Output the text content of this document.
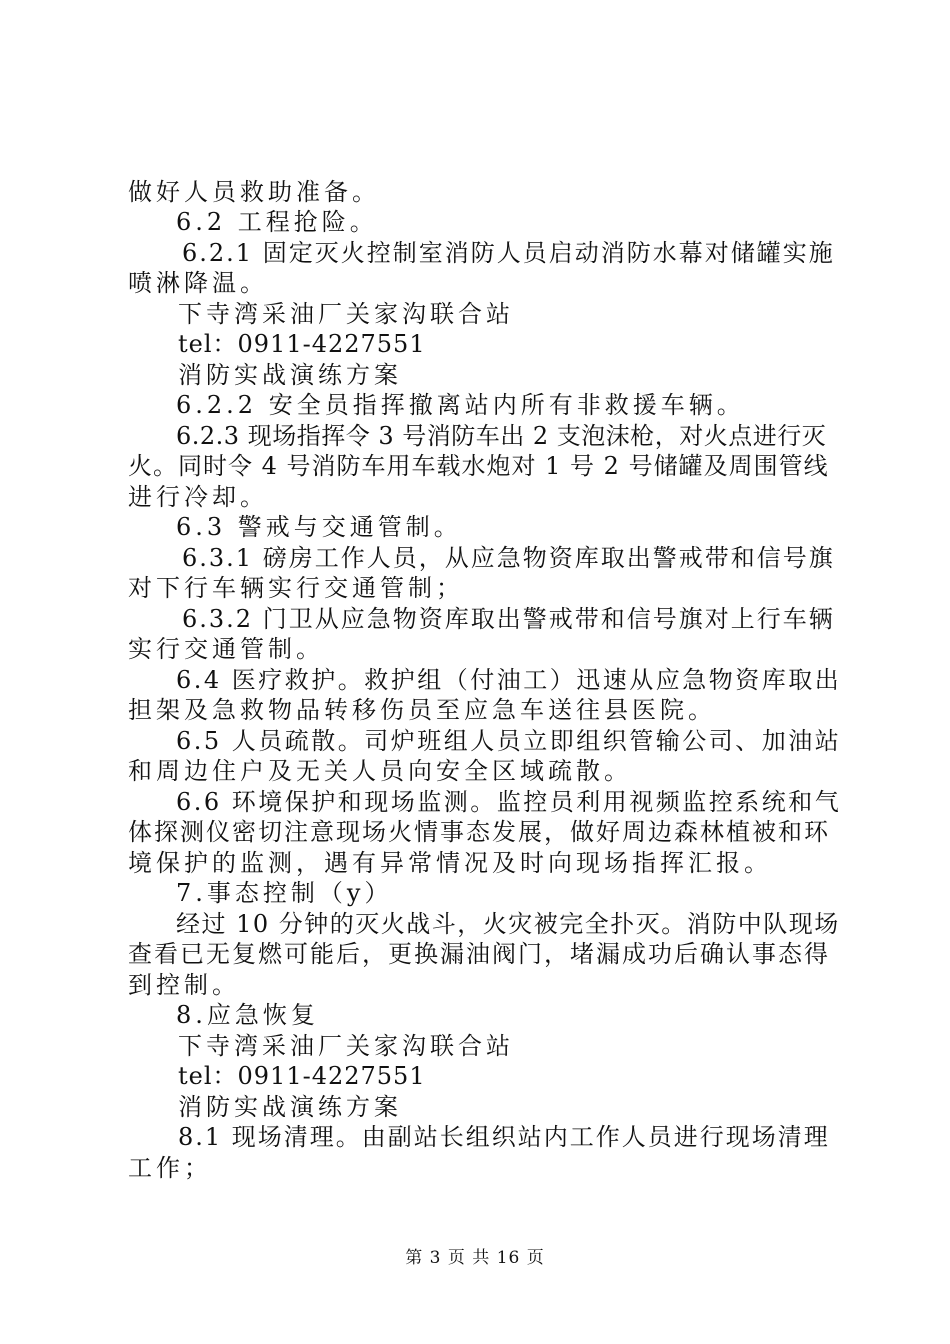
做好人员救助准备。
6.2 工程抢险。
6.2.1 固定灭火控制室消防人员启动消防水幕对储罐实施
喷淋降温。
下寺湾采油厂关家沟联合站
tel：0911-4227551
消防实战演练方案
6.2.2 安全员指挥撤离站内所有非救援车辆。
6.2.3 现场指挥令 3 号消防车出 2 支泡沫枪，对火点进行灭
火。同时令 4 号消防车用车载水炮对 1 号 2 号储罐及周围管线
进行冷却。
6.3 警戒与交通管制。
6.3.1 磅房工作人员，从应急物资库取出警戒带和信号旗
对下行车辆实行交通管制；
6.3.2 门卫从应急物资库取出警戒带和信号旗对上行车辆
实行交通管制。
6.4 医疗救护。救护组（付油工）迅速从应急物资库取出
担架及急救物品转移伤员至应急车送往县医院。
6.5 人员疏散。司炉班组人员立即组织管输公司、加油站
和周边住户及无关人员向安全区域疏散。
6.6 环境保护和现场监测。监控员利用视频监控系统和气
体探测仪密切注意现场火情事态发展，做好周边森林植被和环
境保护的监测，遇有异常情况及时向现场指挥汇报。
7.事态控制（y）
经过 10 分钟的灭火战斗，火灾被完全扑灭。消防中队现场
查看已无复燃可能后，更换漏油阀门，堵漏成功后确认事态得
到控制。
8.应急恢复
下寺湾采油厂关家沟联合站
tel：0911-4227551
消防实战演练方案
8.1 现场清理。由副站长组织站内工作人员进行现场清理
工作；
第 3 页 共 16 页
